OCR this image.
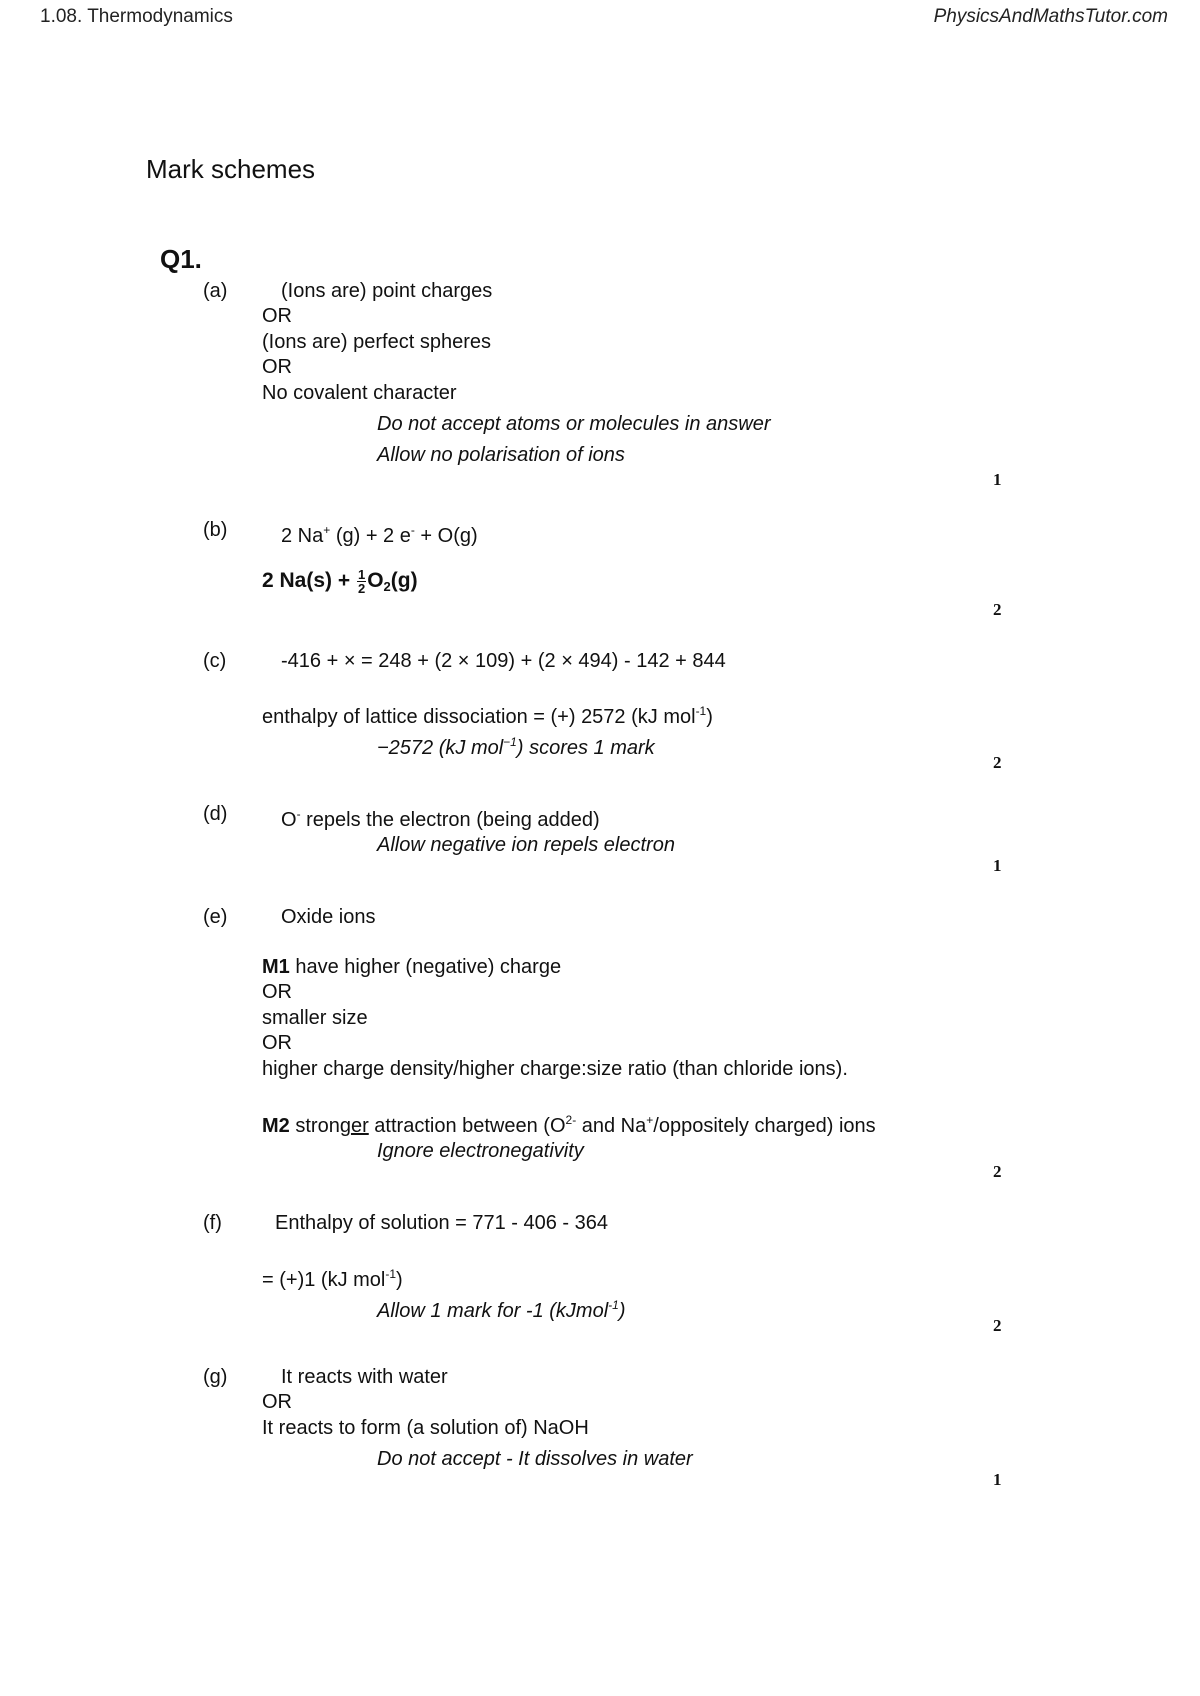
1.08. Thermodynamics	PhysicsAndMathsTutor.com
Mark schemes
Q1.
(a)	(Ions are) point charges
OR
(Ions are) perfect spheres
OR
No covalent character
Do not accept atoms or molecules in answer
Allow no polarisation of ions
1
(b)	2 Na+ (g) + 2 e- + O(g)
2 $Na(s) + \frac{1}{2} O_2(g)$
2
(c)	-416 + × = 248 + (2 × 109) + (2 × 494) - 142 + 844
enthalpy of lattice dissociation = (+) 2572 (kJ mol$^{-1}$)
−2572 (kJ mol$^{-1}$) scores 1 mark
2
(d)	O- repels the electron (being added)
Allow negative ion repels electron
1
(e)	Oxide ions
M1 have higher (negative) charge
OR
smaller size
OR
higher charge density/higher charge:size ratio (than chloride ions).
M2 stronger attraction between ($O^{2-}$ and Na+/oppositely charged) ions
Ignore electronegativity
2
(f)	Enthalpy of solution = 771 - 406 - 364
= (+)1 (kJ mol$^{-1}$)
Allow 1 mark for -1 (kJmol$^{-1}$)
2
(g)	It reacts with water
OR
It reacts to form (a solution of) NaOH
Do not accept - It dissolves in water
1
